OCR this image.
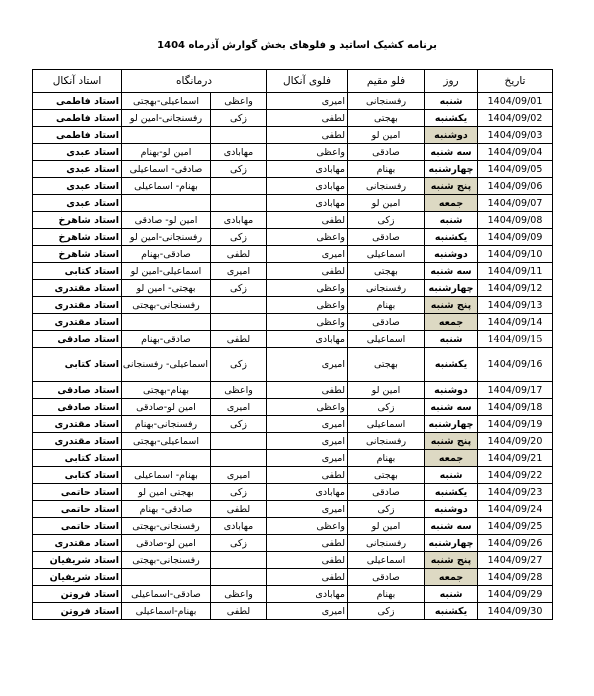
برنامه کشیک اساتید و فلوهای بخش گوارش آذرماه 1404
تاریخ	روز	فلو مقیم	فلوی آنکال	درمانگاه		استاد آنکال
1404/09/01	شنبه	رفسنجانی	امیری	واعظی	اسماعیلی-بهجتی	استاد فاطمی
1404/09/02	یکشنبه	بهجتی	لطفی	زکی	رفسنجانی-امین لو	استاد فاطمی
1404/09/03	دوشنبه	امین لو	لطفی			استاد فاطمی
1404/09/04	سه شنبه	صادقی	واعظی	مهابادی	امین لو-بهنام	استاد عبدی
1404/09/05	چهارشنبه	بهنام	مهابادی	زکی	صادقی- اسماعیلی	استاد عبدی
1404/09/06	پنج شنبه	رفسنجانی	مهابادی		بهنام- اسماعیلی	استاد عبدی
1404/09/07	جمعه	امین لو	مهابادی			استاد عبدی
1404/09/08	شنبه	زکی	لطفی	مهابادی	امین لو- صادقی	استاد شاهرخ
1404/09/09	یکشنبه	صادقی	واعظی	زکی	رفسنجانی-امین لو	استاد شاهرخ
1404/09/10	دوشنبه	اسماعیلی	امیری	لطفی	صادقی-بهنام	استاد شاهرخ
1404/09/11	سه شنبه	بهجتی	لطفی	امیری	اسماعیلی-امین لو	استاد کتابی
1404/09/12	چهارشنبه	رفسنجانی	واعظی	زکی	بهجتی- امین لو	استاد مقتدری
1404/09/13	پنج شنبه	بهنام	واعظی		رفسنجانی-بهجتی	استاد مقتدری
1404/09/14	جمعه	صادقی	واعظی			استاد مقتدری
1404/09/15	شنبه	اسماعیلی	مهابادی	لطفی	صادقی-بهنام	استاد صادقی
1404/09/16	یکشنبه	بهجتی	امیری	زکی	اسماعیلی- رفسنجانی	استاد کتابی
1404/09/17	دوشنبه	امین لو	لطفی	واعظی	بهنام-بهجتی	استاد صادقی
1404/09/18	سه شنبه	زکی	واعظی	امیری	امین لو-صادقی	استاد صادقی
1404/09/19	چهارشنبه	اسماعیلی	امیری	زکی	رفسنجانی-بهنام	استاد مقتدری
1404/09/20	پنج شنبه	رفسنجانی	امیری		اسماعیلی-بهجتی	استاد مقتدری
1404/09/21	جمعه	بهنام	امیری			استاد کتابی
1404/09/22	شنبه	بهجتی	لطفی	امیری	بهنام- اسماعیلی	استاد کتابی
1404/09/23	یکشنبه	صادقی	مهابادی	زکی	بهجتی امین لو	استاد حاتمی
1404/09/24	دوشنبه	زکی	امیری	لطفی	صادقی- بهنام	استاد حاتمی
1404/09/25	سه شنبه	امین لو	واعظی	مهابادی	رفسنجانی-بهجتی	استاد حاتمی
1404/09/26	چهارشنبه	رفسنجانی	لطفی	زکی	امین لو-صادقی	استاد مقتدری
1404/09/27	پنج شنبه	اسماعیلی	لطفی		رفسنجانی-بهجتی	استاد شریفیان
1404/09/28	جمعه	صادقی	لطفی			استاد شریفیان
1404/09/29	شنبه	بهنام	مهابادی	واعظی	صادقی-اسماعیلی	استاد فروتن
1404/09/30	یکشنبه	زکی	امیری	لطفی	بهنام-اسماعیلی	استاد فروتن
